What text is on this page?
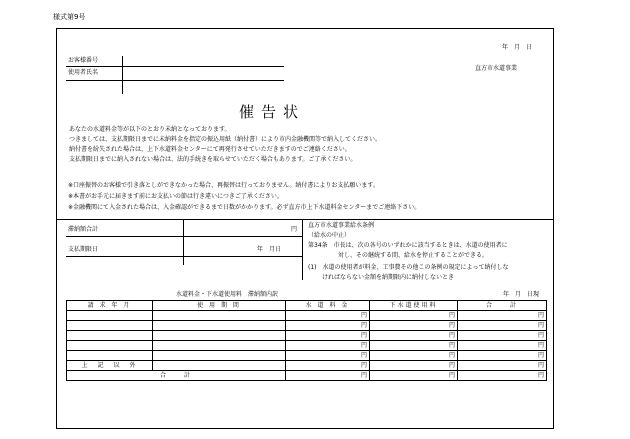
様式第9号
年　月　日
お客様番号
使用者氏名
直方市水道事業
催告状
あなたの水道料金等が以下のとおり未納となっております。
つきましては、支払期限日までに未納料金を指定の振込用紙（納付書）により市内金融機関等で納入してください。
納付書を紛失された場合は、上下水道料金センターにて再発行させていただきますのでご連絡ください。
支払期限日までに納入されない場合は、法的手続きを取らせていただく場合もあります。ご了承ください。
※口座振替のお客様で引き落としができなかった場合、再振替は行っておりません。納付書によりお支払願います。
※本書がお手元に届きます前にお支払いの節は行き違いにつきご了承ください。
※金融機関にて入金された場合は、入金確認ができるまで日数がかかります。必ず直方市上下水道料金センターまでご連絡下さい。
滞納額合計	円
支払期限日	年　月日
直方市水道事業給水条例
（給水の中止）
第34条　市長は、次の各号のいずれかに該当するときは、水道の使用者に
対し、その継続する間、給水を停止することができる。
(1)　水道の使用者が料金、工事費その他この条例の規定によって納付しな
ければならない金額を納期限内に納付しないとき
水道料金・下水道使用料　滞納額内訳	年　月　日現
請 求 年 月	使 用 期 間	水 道 料 金	下水道使用料	合　　計
		円	円	円
		円	円	円
		円	円	円
		円	円	円
		円	円	円
上　記　以　外		円	円	円
合　　計		円	円	円
